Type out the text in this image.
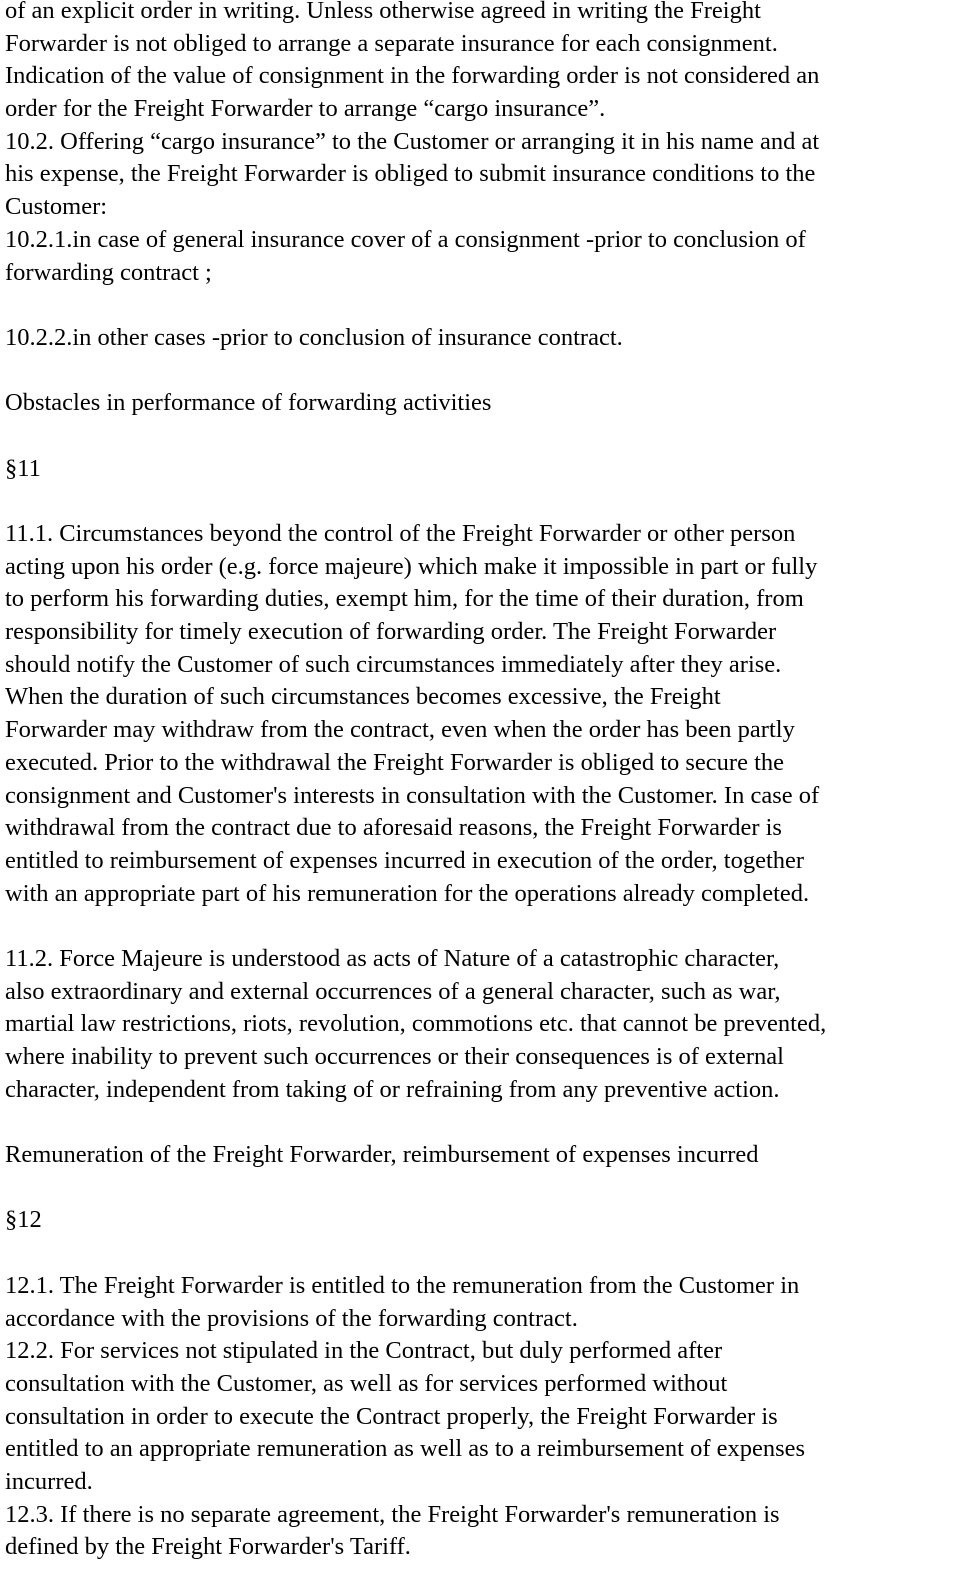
of an explicit order in writing. Unless otherwise agreed in writing the Freight
Forwarder is not obliged to arrange a separate insurance for each consignment.
Indication of the value of consignment in the forwarding order is not considered an
order for the Freight Forwarder to arrange “cargo insurance”.
10.2. Offering “cargo insurance” to the Customer or arranging it in his name and at
his expense, the Freight Forwarder is obliged to submit insurance conditions to the
Customer:
10.2.1.in case of general insurance cover of a consignment -prior to conclusion of
forwarding contract ;
10.2.2.in other cases -prior to conclusion of insurance contract.
Obstacles in performance of forwarding activities
§11
11.1. Circumstances beyond the control of the Freight Forwarder or other person
acting upon his order (e.g. force majeure) which make it impossible in part or fully
to perform his forwarding duties, exempt him, for the time of their duration, from
responsibility for timely execution of forwarding order. The Freight Forwarder
should notify the Customer of such circumstances immediately after they arise.
When the duration of such circumstances becomes excessive, the Freight
Forwarder may withdraw from the contract, even when the order has been partly
executed. Prior to the withdrawal the Freight Forwarder is obliged to secure the
consignment and Customer's interests in consultation with the Customer. In case of
withdrawal from the contract due to aforesaid reasons, the Freight Forwarder is
entitled to reimbursement of expenses incurred in execution of the order, together
with an appropriate part of his remuneration for the operations already completed.
11.2. Force Majeure is understood as acts of Nature of a catastrophic character,
also extraordinary and external occurrences of a general character, such as war,
martial law restrictions, riots, revolution, commotions etc. that cannot be prevented,
where inability to prevent such occurrences or their consequences is of external
character, independent from taking of or refraining from any preventive action.
Remuneration of the Freight Forwarder, reimbursement of expenses incurred
§12
12.1. The Freight Forwarder is entitled to the remuneration from the Customer in
accordance with the provisions of the forwarding contract.
12.2. For services not stipulated in the Contract, but duly performed after
consultation with the Customer, as well as for services performed without
consultation in order to execute the Contract properly, the Freight Forwarder is
entitled to an appropriate remuneration as well as to a reimbursement of expenses
incurred.
12.3. If there is no separate agreement, the Freight Forwarder's remuneration is
defined by the Freight Forwarder's Tariff.
